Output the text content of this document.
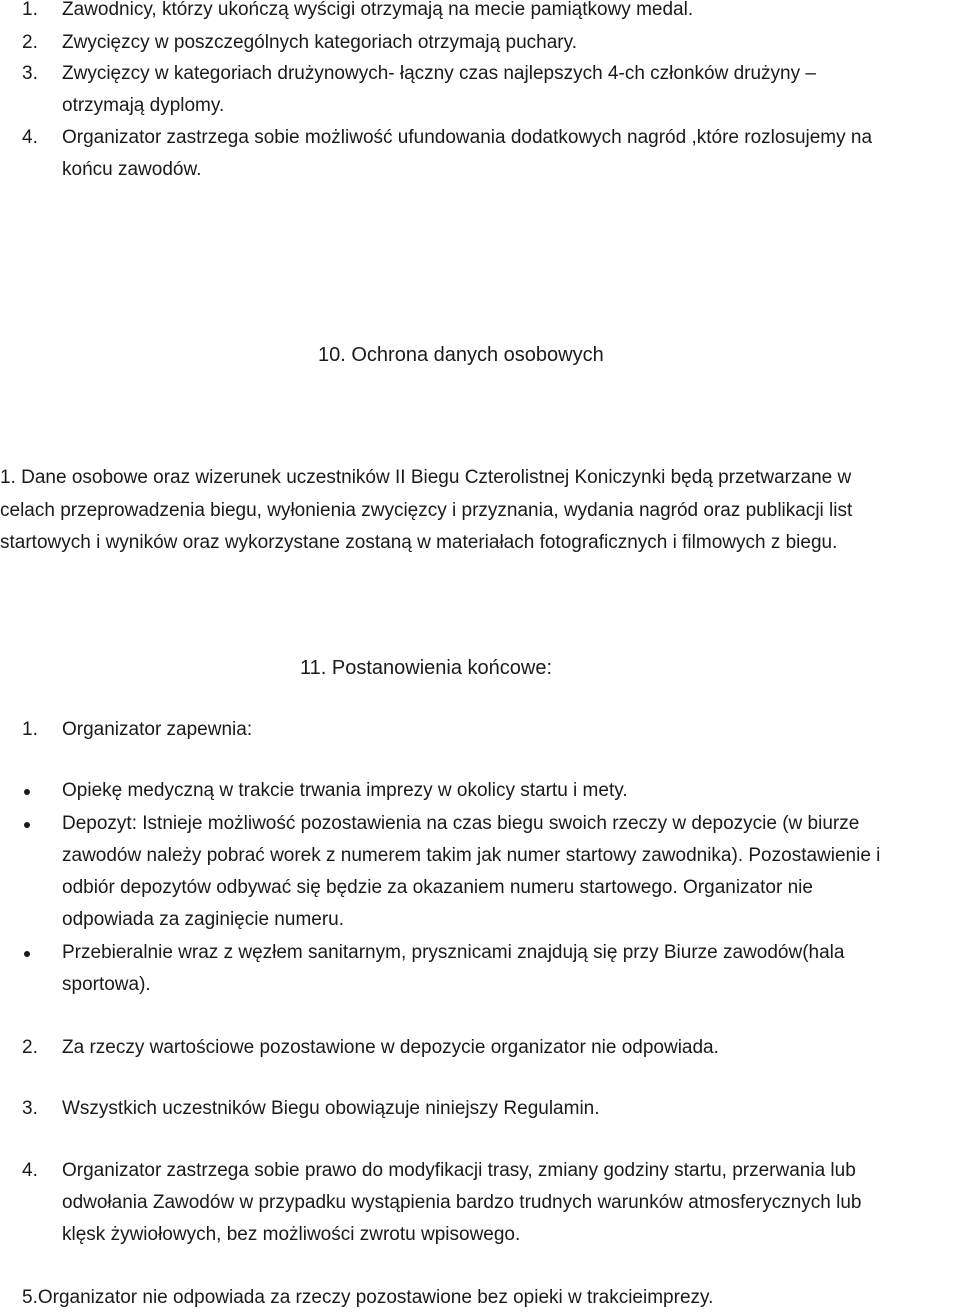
1. Zawodnicy, którzy ukończą wyścigi otrzymają na mecie pamiątkowy medal.
2. Zwycięzcy w poszczególnych kategoriach otrzymają puchary.
3. Zwycięzcy w kategoriach drużynowych- łączny czas najlepszych 4-ch członków drużyny –
otrzymają dyplomy.
4. Organizator zastrzega sobie możliwość ufundowania dodatkowych nagród ,które rozlosujemy na
końcu zawodów.
10. Ochrona danych osobowych
1. Dane osobowe oraz wizerunek uczestników II Biegu Czterolistnej Koniczynki będą przetwarzane w
celach przeprowadzenia biegu, wyłonienia zwycięzcy i przyznania, wydania nagród oraz publikacji list
startowych i wyników oraz wykorzystane zostaną w materiałach fotograficznych i filmowych z biegu.
11. Postanowienia końcowe:
1. Organizator zapewnia:
Opiekę medyczną w trakcie trwania imprezy w okolicy startu i mety.
Depozyt: Istnieje możliwość pozostawienia na czas biegu swoich rzeczy w depozycie (w biurze
zawodów należy pobrać worek z numerem takim jak numer startowy zawodnika). Pozostawienie i
odbiór depozytów odbywać się będzie za okazaniem numeru startowego. Organizator nie
odpowiada za zaginięcie numeru.
Przebieralnie wraz z węzłem sanitarnym, prysznicami znajdują się przy Biurze zawodów(hala
sportowa).
2. Za rzeczy wartościowe pozostawione w depozycie organizator nie odpowiada.
3. Wszystkich uczestników Biegu obowiązuje niniejszy Regulamin.
4. Organizator zastrzega sobie prawo do modyfikacji trasy, zmiany godziny startu, przerwania lub
odwołania Zawodów w przypadku wystąpienia bardzo trudnych warunków atmosferycznych lub
klęsk żywiołowych, bez możliwości zwrotu wpisowego.
5.Organizator nie odpowiada za rzeczy pozostawione bez opieki w trakcieimprezy.
